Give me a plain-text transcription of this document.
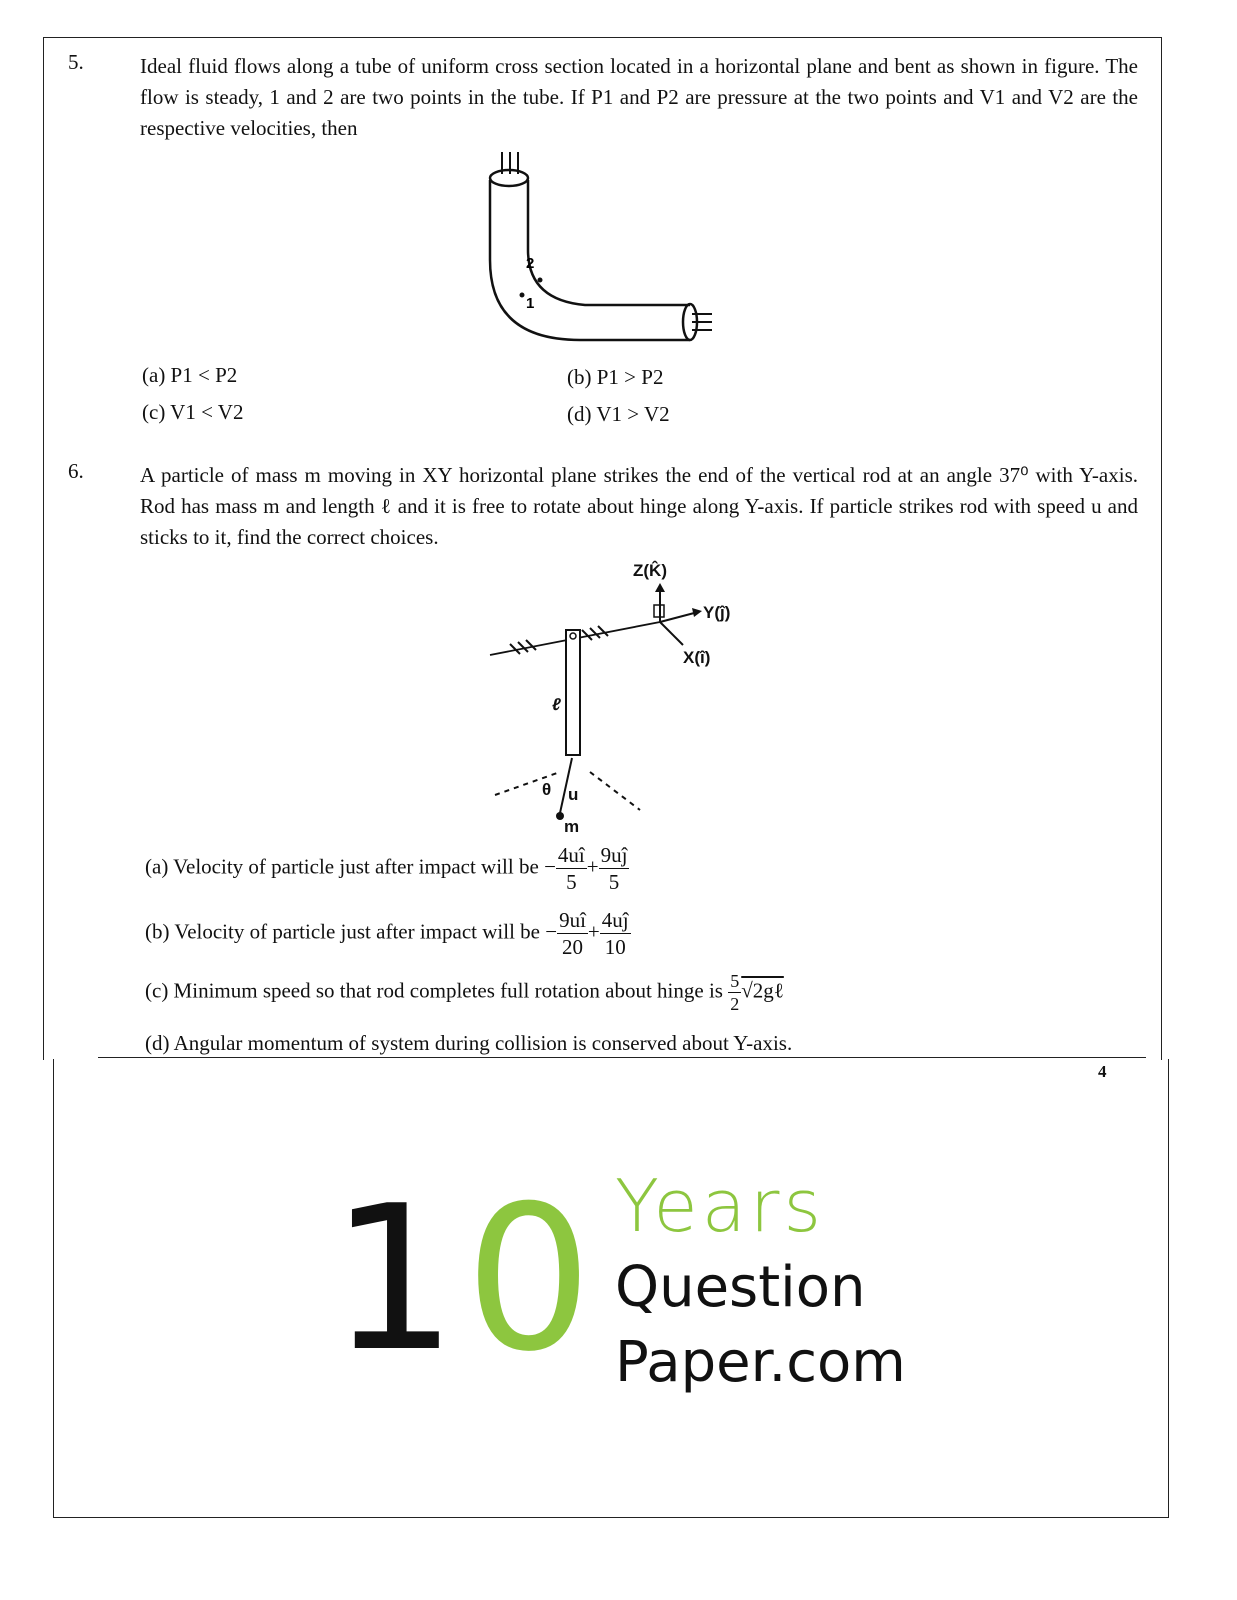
5.	Ideal fluid flows along a tube of uniform cross section located in a horizontal plane and bent as shown in figure. The flow is steady, 1 and 2 are two points in the tube. If P1 and P2 are pressure at the two points and V1 and V2 are the respective velocities, then
2
1
(a) P1 < P2	(b) P1 > P2
(c) V1 < V2	(d) V1 > V2
6.	A particle of mass m moving in XY horizontal plane strikes the end of the vertical rod at an angle 37⁰ with Y-axis. Rod has mass m and length ℓ and it is free to rotate about hinge along Y-axis. If particle strikes rod with speed u and sticks to it, find the correct choices.
Z(K̂)
Y(ĵ)
X(î)
ℓ
θ u
m
(a) Velocity of particle just after impact will be − $\frac{4uî}{5} + \frac{9uĵ}{5}$
(b) Velocity of particle just after impact will be − $\frac{9uî}{20} + \frac{4uĵ}{10}$
(c) Minimum speed so that rod completes full rotation about hinge is $\frac{5}{2}$ √2gℓ
(d) Angular momentum of system during collision is conserved about Y-axis.
4
1 0 Years
Question
Paper.com
